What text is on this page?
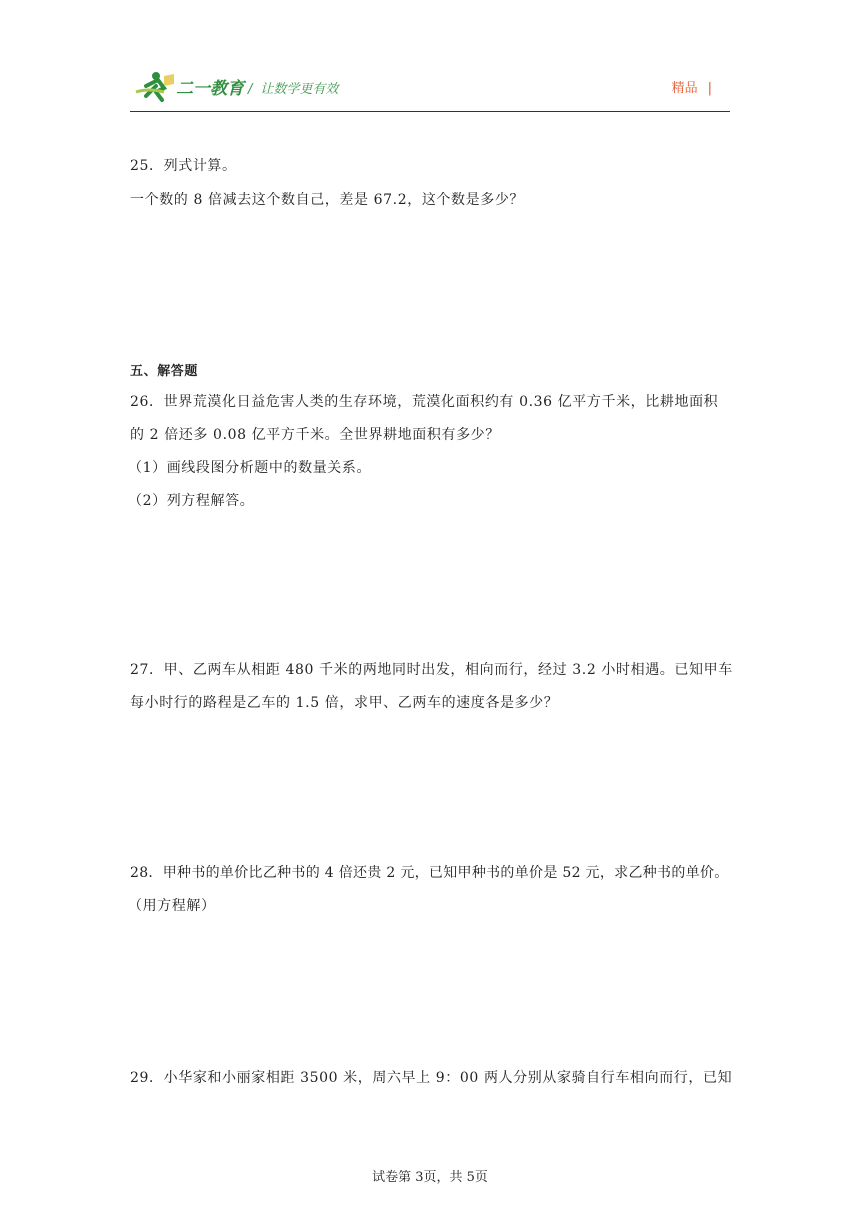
二一教育 / 让数学更有效	精品 |
25．列式计算。
一个数的 8 倍减去这个数自己，差是 67.2，这个数是多少？
五、解答题
26．世界荒漠化日益危害人类的生存环境，荒漠化面积约有 0.36 亿平方千米，比耕地面积
的 2 倍还多 0.08 亿平方千米。全世界耕地面积有多少？
（1）画线段图分析题中的数量关系。
（2）列方程解答。
27．甲、乙两车从相距 480 千米的两地同时出发，相向而行，经过 3.2 小时相遇。已知甲车
每小时行的路程是乙车的 1.5 倍，求甲、乙两车的速度各是多少？
28．甲种书的单价比乙种书的 4 倍还贵 2 元，已知甲种书的单价是 52 元，求乙种书的单价。
（用方程解）
29．小华家和小丽家相距 3500 米，周六早上 9：00 两人分别从家骑自行车相向而行，已知
试卷第 3页，共 5页
